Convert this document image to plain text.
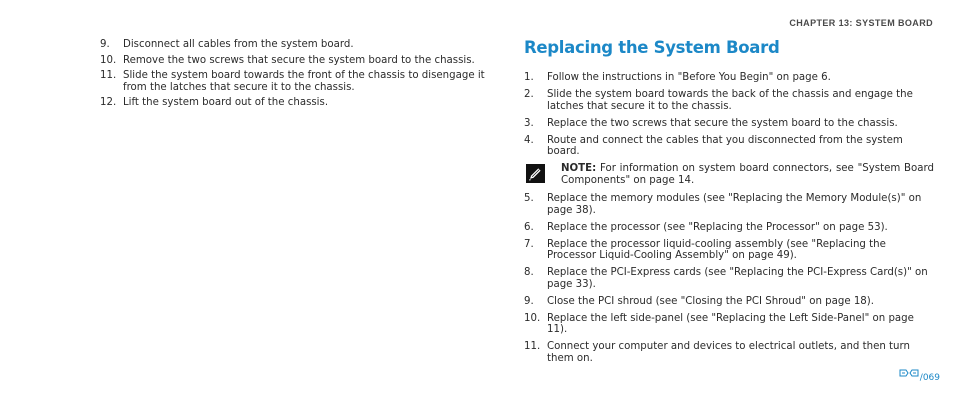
CHAPTER 13: SYSTEM BOARD
9.	Disconnect all cables from the system board.
10. Remove the two screws that secure the system board to the chassis.
11. Slide the system board towards the front of the chassis to disengage it from the latches that secure it to the chassis.
12. Lift the system board out of the chassis.
Replacing the System Board
1.	Follow the instructions in "Before You Begin" on page 6.
2.	Slide the system board towards the back of the chassis and engage the latches that secure it to the chassis.
3.	Replace the two screws that secure the system board to the chassis.
4.	Route and connect the cables that you disconnected from the system board.
NOTE: For information on system board connectors, see "System Board Components" on page 14.
5.	Replace the memory modules (see "Replacing the Memory Module(s)" on page 38).
6.	Replace the processor (see "Replacing the Processor" on page 53).
7.	Replace the processor liquid-cooling assembly (see "Replacing the Processor Liquid-Cooling Assembly" on page 49).
8.	Replace the PCI-Express cards (see "Replacing the PCI-Express Card(s)" on page 33).
9.	Close the PCI shroud (see "Closing the PCI Shroud" on page 18).
10. Replace the left side-panel (see "Replacing the Left Side-Panel" on page 11).
11. Connect your computer and devices to electrical outlets, and then turn them on.
/069
